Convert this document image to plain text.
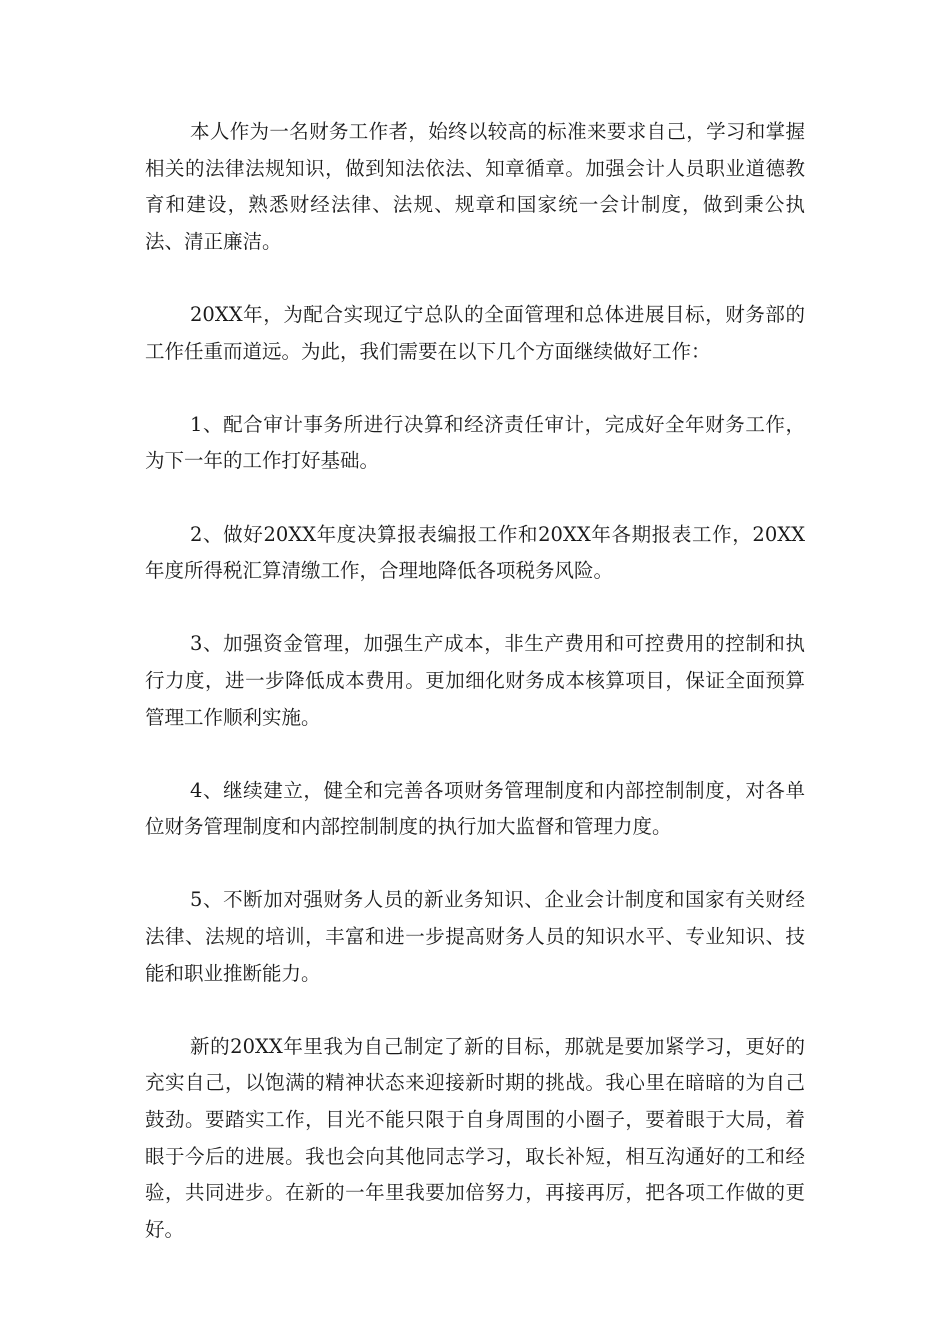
本人作为一名财务工作者，始终以较高的标准来要求自己，学习和掌握相关的法律法规知识，做到知法依法、知章循章。加强会计人员职业道德教育和建设，熟悉财经法律、法规、规章和国家统一会计制度，做到秉公执法、清正廉洁。

20XX年，为配合实现辽宁总队的全面管理和总体进展目标，财务部的工作任重而道远。为此，我们需要在以下几个方面继续做好工作：

1、配合审计事务所进行决算和经济责任审计，完成好全年财务工作，为下一年的工作打好基础。

2、做好20XX年度决算报表编报工作和20XX年各期报表工作，20XX年度所得税汇算清缴工作，合理地降低各项税务风险。

3、加强资金管理，加强生产成本，非生产费用和可控费用的控制和执行力度，进一步降低成本费用。更加细化财务成本核算项目，保证全面预算管理工作顺利实施。

4、继续建立，健全和完善各项财务管理制度和内部控制制度，对各单位财务管理制度和内部控制制度的执行加大监督和管理力度。

5、不断加对强财务人员的新业务知识、企业会计制度和国家有关财经法律、法规的培训，丰富和进一步提高财务人员的知识水平、专业知识、技能和职业推断能力。

新的20XX年里我为自己制定了新的目标，那就是要加紧学习，更好的充实自己，以饱满的精神状态来迎接新时期的挑战。我心里在暗暗的为自己鼓劲。要踏实工作，目光不能只限于自身周围的小圈子，要着眼于大局，着眼于今后的进展。我也会向其他同志学习，取长补短，相互沟通好的工和经验，共同进步。在新的一年里我要加倍努力，再接再厉，把各项工作做的更好。
